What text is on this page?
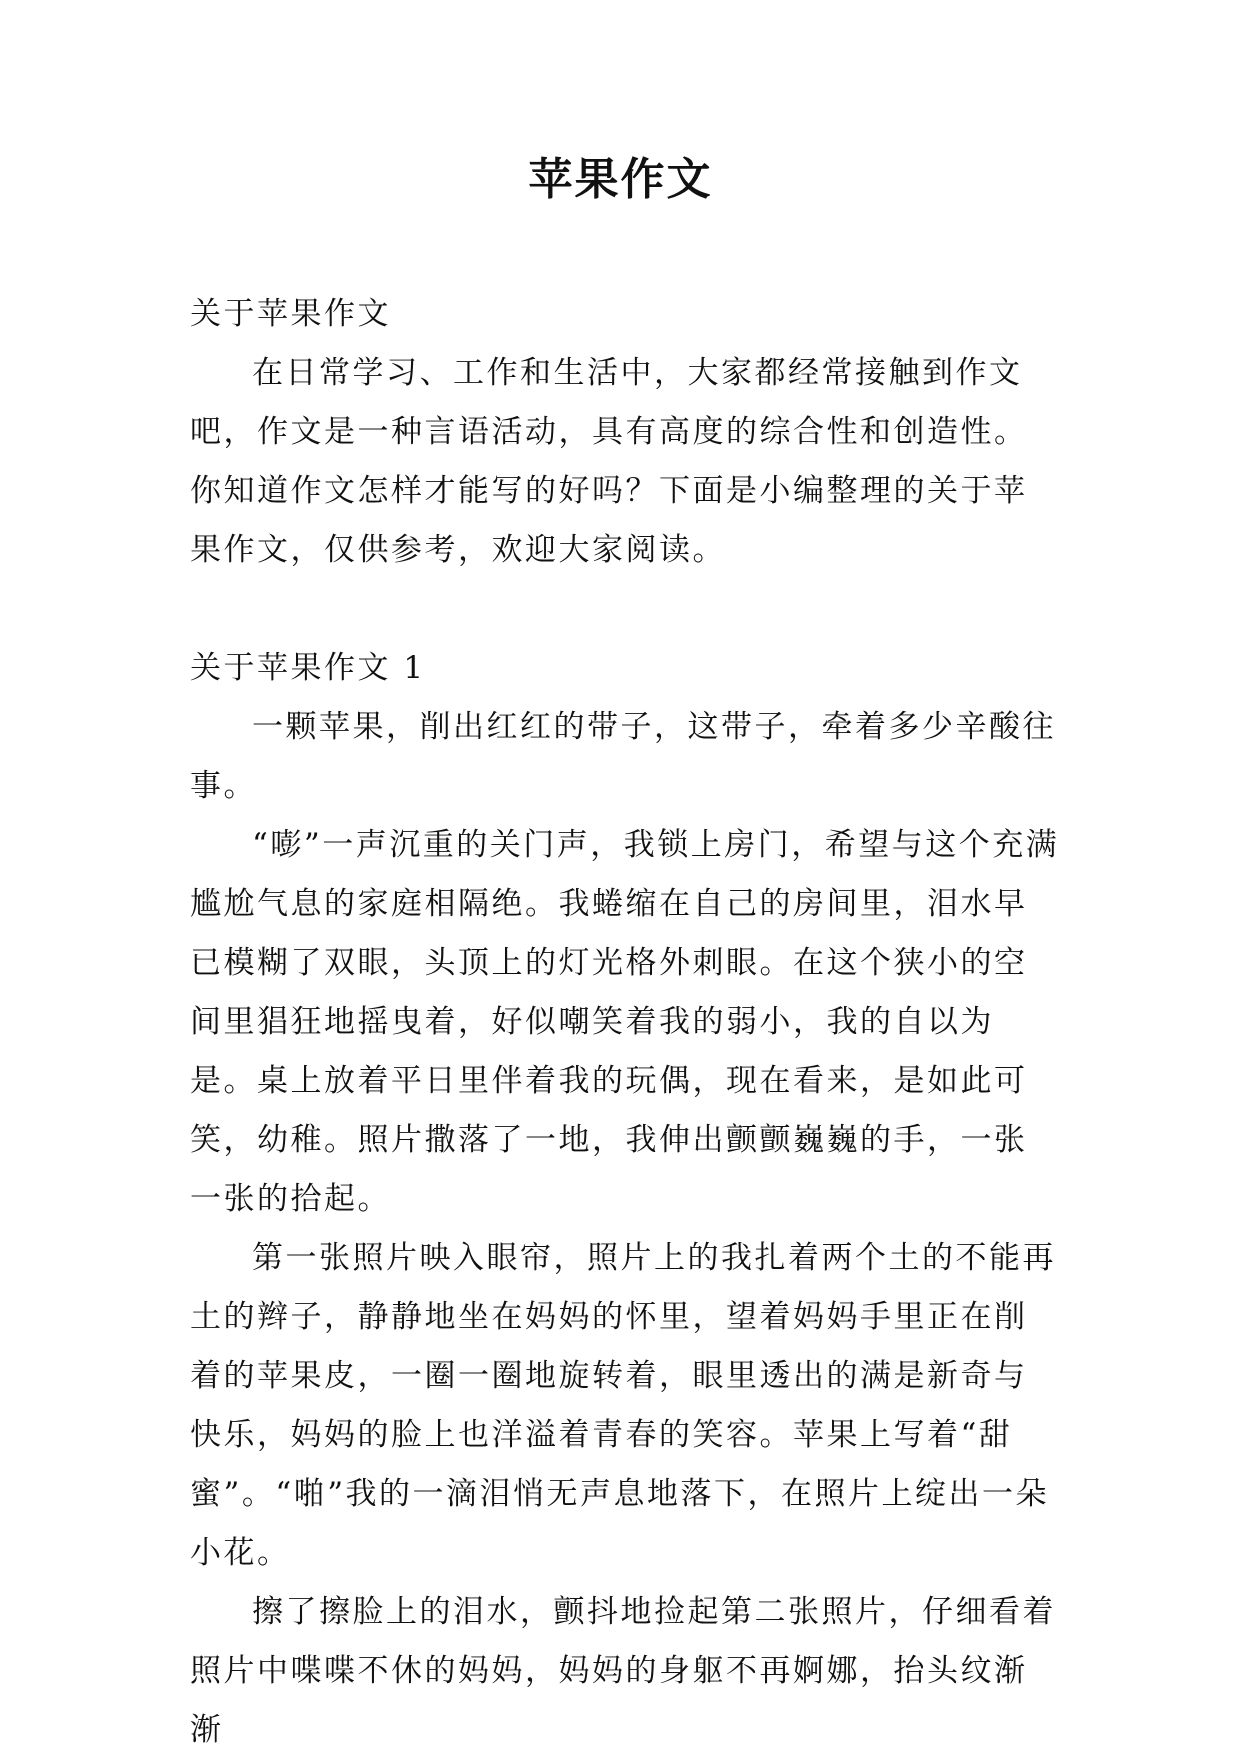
苹果作文

关于苹果作文

在日常学习、工作和生活中，大家都经常接触到作文吧，作文是一种言语活动，具有高度的综合性和创造性。你知道作文怎样才能写的好吗？下面是小编整理的关于苹果作文，仅供参考，欢迎大家阅读。

关于苹果作文 1

一颗苹果，削出红红的带子，这带子，牵着多少辛酸往事。

“嘭”一声沉重的关门声，我锁上房门，希望与这个充满尴尬气息的家庭相隔绝。我蜷缩在自己的房间里，泪水早已模糊了双眼，头顶上的灯光格外刺眼。在这个狭小的空间里猖狂地摇曳着，好似嘲笑着我的弱小，我的自以为是。桌上放着平日里伴着我的玩偶，现在看来，是如此可笑，幼稚。照片撒落了一地，我伸出颤颤巍巍的手，一张一张的拾起。

第一张照片映入眼帘，照片上的我扎着两个土的不能再土的辫子，静静地坐在妈妈的怀里，望着妈妈手里正在削着的苹果皮，一圈一圈地旋转着，眼里透出的满是新奇与快乐，妈妈的脸上也洋溢着青春的笑容。苹果上写着“甜蜜”。“啪”我的一滴泪悄无声息地落下，在照片上绽出一朵小花。

擦了擦脸上的泪水，颤抖地捡起第二张照片，仔细看着照片中喋喋不休的妈妈，妈妈的身躯不再婀娜，抬头纹渐渐
